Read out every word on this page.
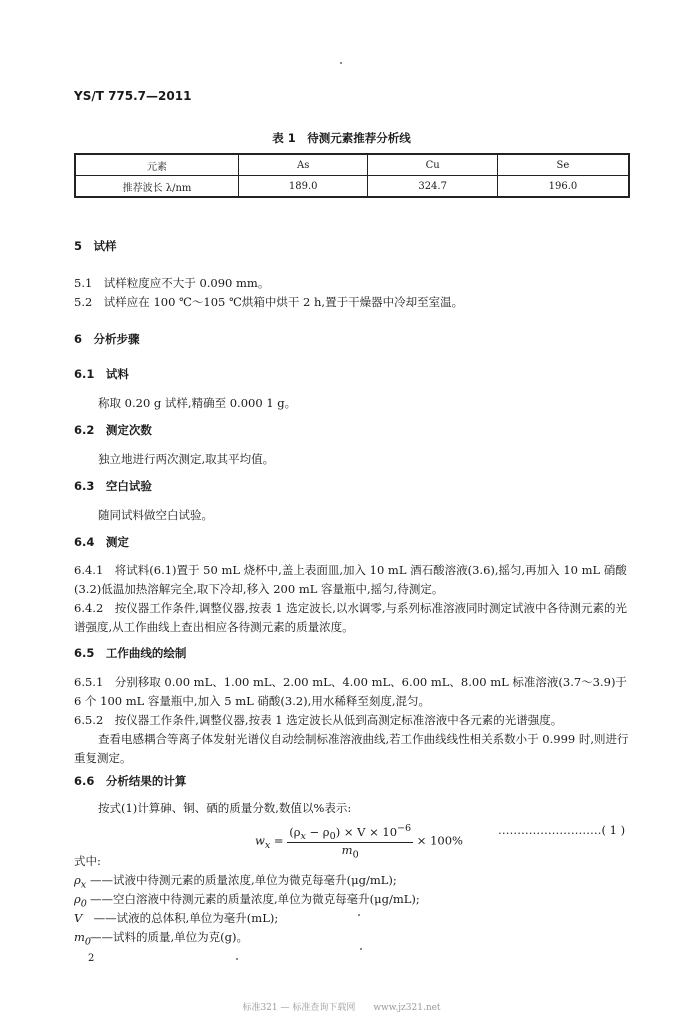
YS/T 775.7—2011
表 1　待测元素推荐分析线
元素	As	Cu	Se
推荐波长 λ/nm	189.0	324.7	196.0
5　试样
5.1　试样粒度应不大于 0.090 mm。
5.2　试样应在 100 ℃～105 ℃烘箱中烘干 2 h,置于干燥器中冷却至室温。
6　分析步骤
6.1　试料
称取 0.20 g 试样,精确至 0.000 1 g。
6.2　测定次数
独立地进行两次测定,取其平均值。
6.3　空白试验
随同试料做空白试验。
6.4　测定
6.4.1　将试料(6.1)置于 50 mL 烧杯中,盖上表面皿,加入 10 mL 酒石酸溶液(3.6),摇匀,再加入 10 mL 硝酸(3.2)低温加热溶解完全,取下冷却,移入 200 mL 容量瓶中,摇匀,待测定。
6.4.2　按仪器工作条件,调整仪器,按表 1 选定波长,以水调零,与系列标准溶液同时测定试液中各待测元素的光谱强度,从工作曲线上查出相应各待测元素的质量浓度。
6.5　工作曲线的绘制
6.5.1　分别移取 0.00 mL、1.00 mL、2.00 mL、4.00 mL、6.00 mL、8.00 mL 标准溶液(3.7～3.9)于 6 个 100 mL 容量瓶中,加入 5 mL 硝酸(3.2),用水稀释至刻度,混匀。
6.5.2　按仪器工作条件,调整仪器,按表 1 选定波长从低到高测定标准溶液中各元素的光谱强度。
查看电感耦合等离子体发射光谱仪自动绘制标准溶液曲线,若工作曲线线性相关系数小于 0.999 时,则进行重复测定。
6.6　分析结果的计算
按式(1)计算砷、铜、硒的质量分数,数值以%表示:
$w_x = \frac{(\rho_x - \rho_0) \times V \times 10^{-6}}{m_0} \times 100\%$
………………………( 1 )
式中:
$\rho_x$ ——试液中待测元素的质量浓度,单位为微克每毫升(μg/mL);
$\rho_0$ ——空白溶液中待测元素的质量浓度,单位为微克每毫升(μg/mL);
V ——试液的总体积,单位为毫升(mL);
$m_0——$试料的质量,单位为克(g)。
2
标准321 — 标准查询下载网　　www.jz321.net
